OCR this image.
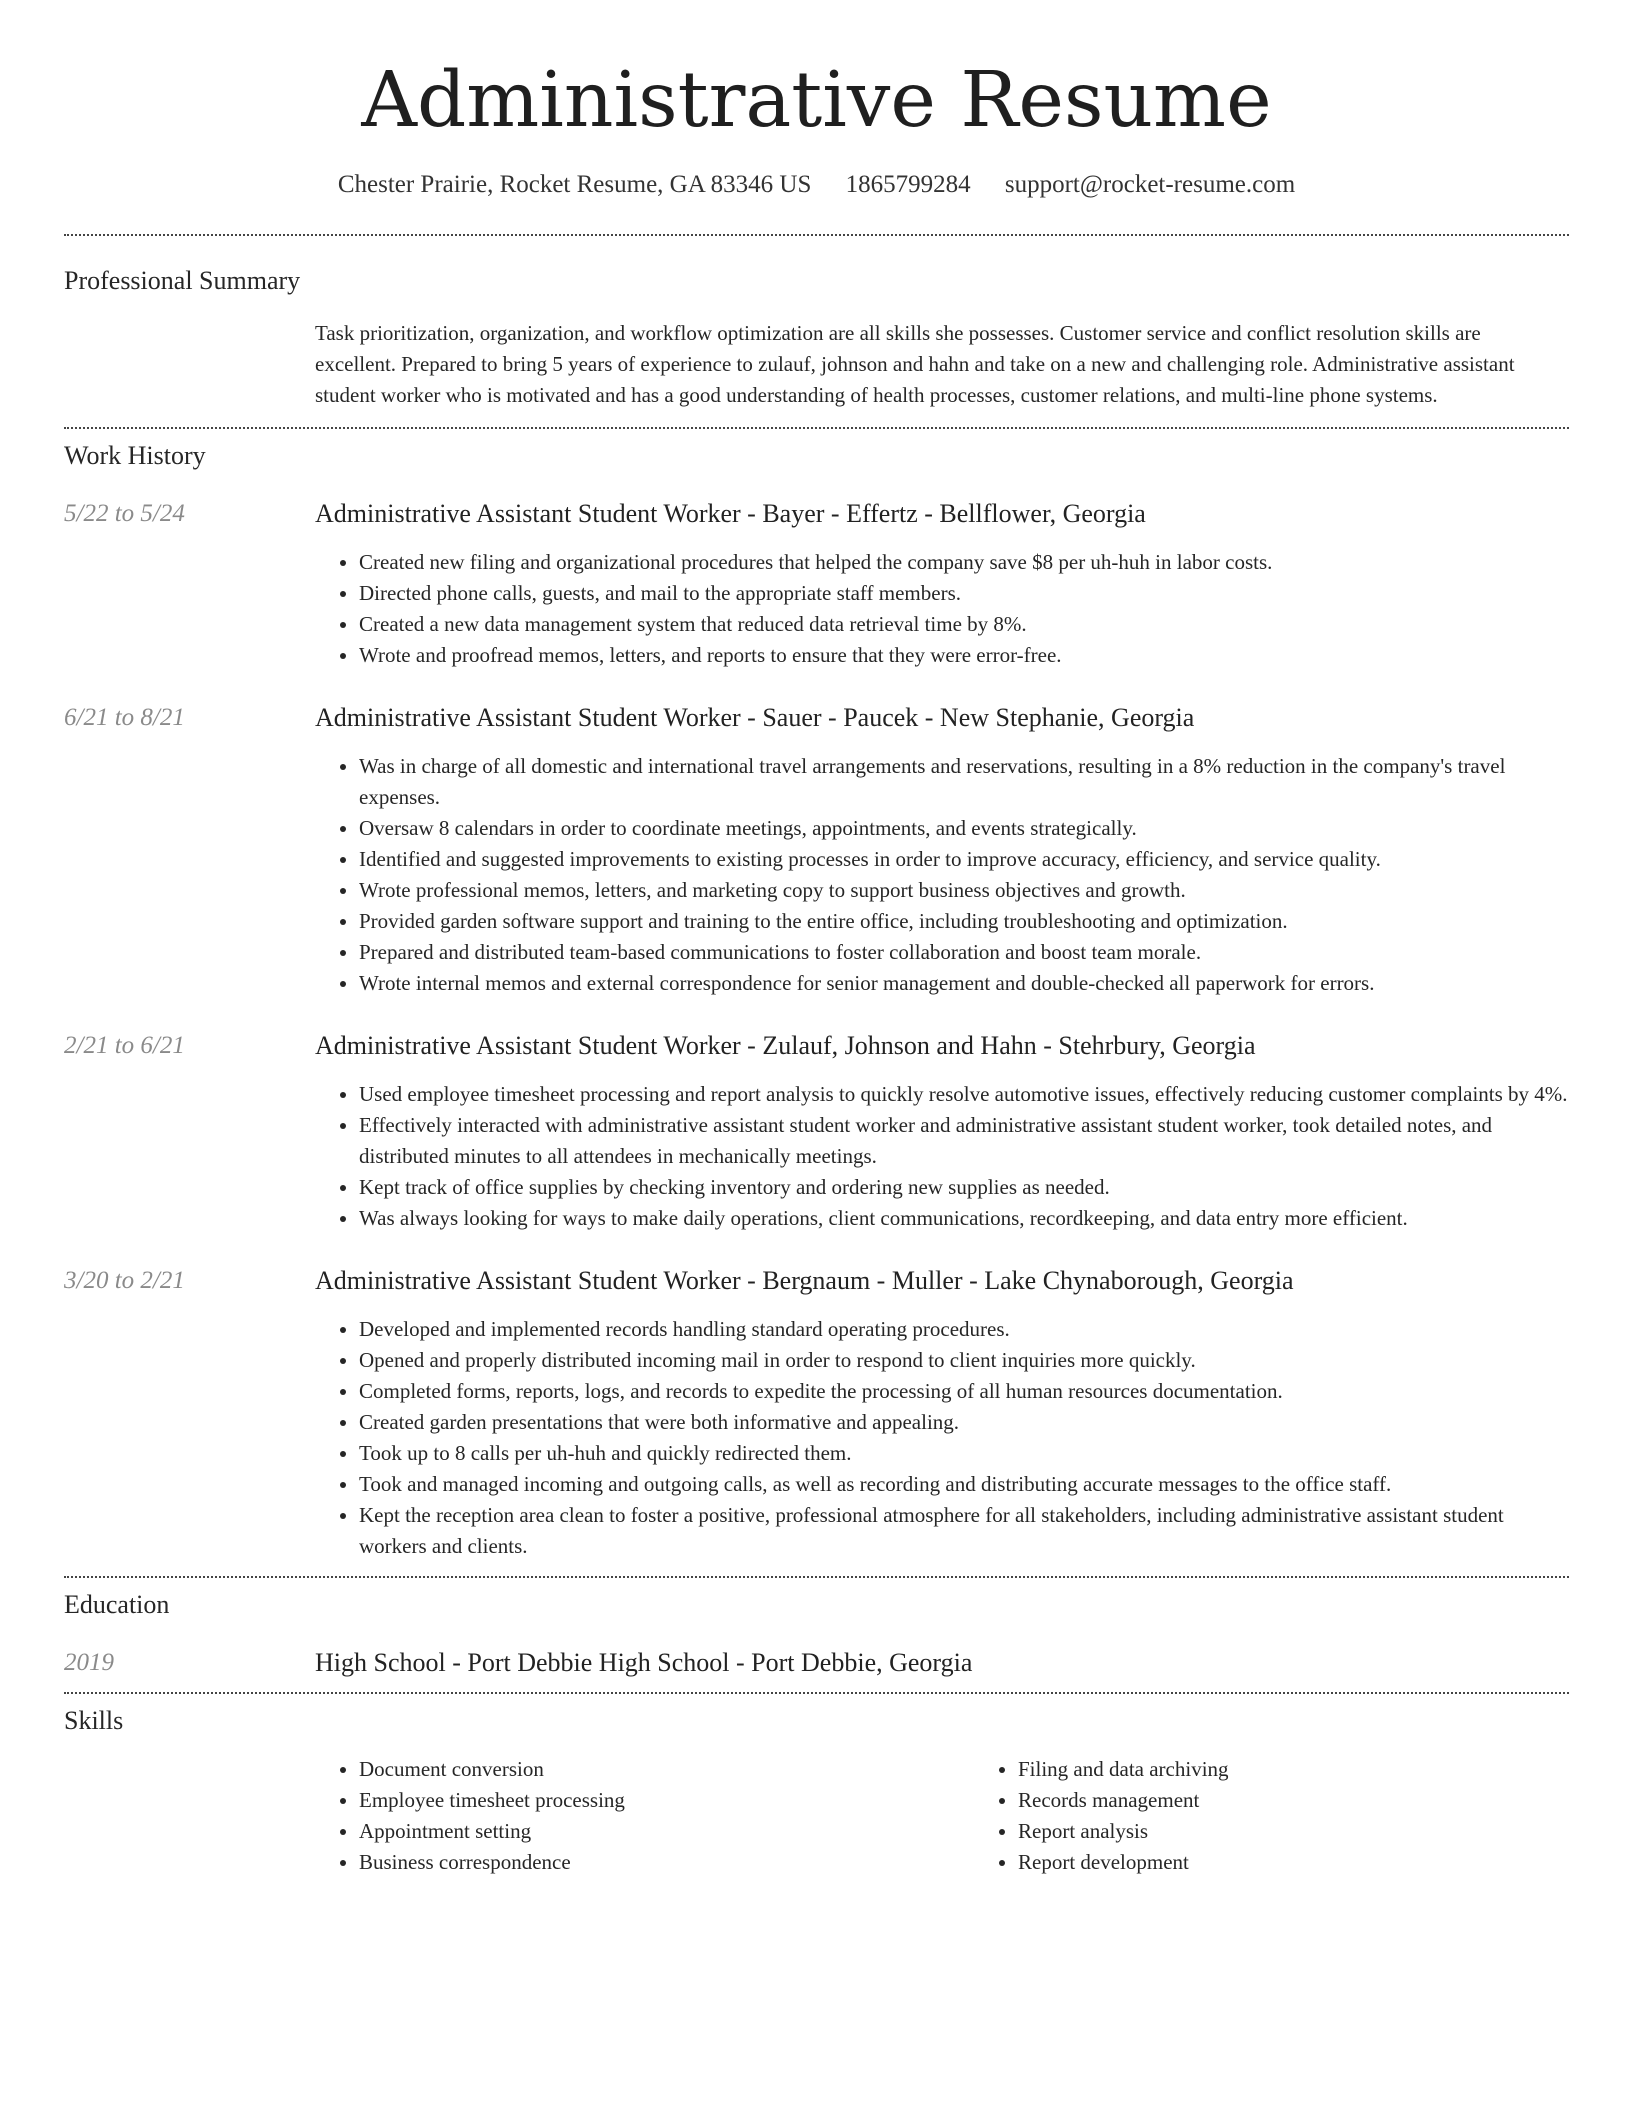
Administrative Resume
Chester Prairie, Rocket Resume, GA 83346 US 1865799284 support@rocket-resume.com
Professional Summary
Task prioritization, organization, and workflow optimization are all skills she possesses. Customer service and conflict resolution skills are excellent. Prepared to bring 5 years of experience to zulauf, johnson and hahn and take on a new and challenging role. Administrative assistant student worker who is motivated and has a good understanding of health processes, customer relations, and multi-line phone systems.
Work History
5/22 to 5/24	Administrative Assistant Student Worker - Bayer - Effertz - Bellflower, Georgia
• Created new filing and organizational procedures that helped the company save $8 per uh-huh in labor costs.
• Directed phone calls, guests, and mail to the appropriate staff members.
• Created a new data management system that reduced data retrieval time by 8%.
• Wrote and proofread memos, letters, and reports to ensure that they were error-free.
6/21 to 8/21	Administrative Assistant Student Worker - Sauer - Paucek - New Stephanie, Georgia
• Was in charge of all domestic and international travel arrangements and reservations, resulting in a 8% reduction in the company's travel expenses.
• Oversaw 8 calendars in order to coordinate meetings, appointments, and events strategically.
• Identified and suggested improvements to existing processes in order to improve accuracy, efficiency, and service quality.
• Wrote professional memos, letters, and marketing copy to support business objectives and growth.
• Provided garden software support and training to the entire office, including troubleshooting and optimization.
• Prepared and distributed team-based communications to foster collaboration and boost team morale.
• Wrote internal memos and external correspondence for senior management and double-checked all paperwork for errors.
2/21 to 6/21	Administrative Assistant Student Worker - Zulauf, Johnson and Hahn - Stehrbury, Georgia
• Used employee timesheet processing and report analysis to quickly resolve automotive issues, effectively reducing customer complaints by 4%.
• Effectively interacted with administrative assistant student worker and administrative assistant student worker, took detailed notes, and distributed minutes to all attendees in mechanically meetings.
• Kept track of office supplies by checking inventory and ordering new supplies as needed.
• Was always looking for ways to make daily operations, client communications, recordkeeping, and data entry more efficient.
3/20 to 2/21	Administrative Assistant Student Worker - Bergnaum - Muller - Lake Chynaborough, Georgia
• Developed and implemented records handling standard operating procedures.
• Opened and properly distributed incoming mail in order to respond to client inquiries more quickly.
• Completed forms, reports, logs, and records to expedite the processing of all human resources documentation.
• Created garden presentations that were both informative and appealing.
• Took up to 8 calls per uh-huh and quickly redirected them.
• Took and managed incoming and outgoing calls, as well as recording and distributing accurate messages to the office staff.
• Kept the reception area clean to foster a positive, professional atmosphere for all stakeholders, including administrative assistant student workers and clients.
Education
2019	High School - Port Debbie High School - Port Debbie, Georgia
Skills
• Document conversion
• Employee timesheet processing
• Appointment setting
• Business correspondence
• Filing and data archiving
• Records management
• Report analysis
• Report development
